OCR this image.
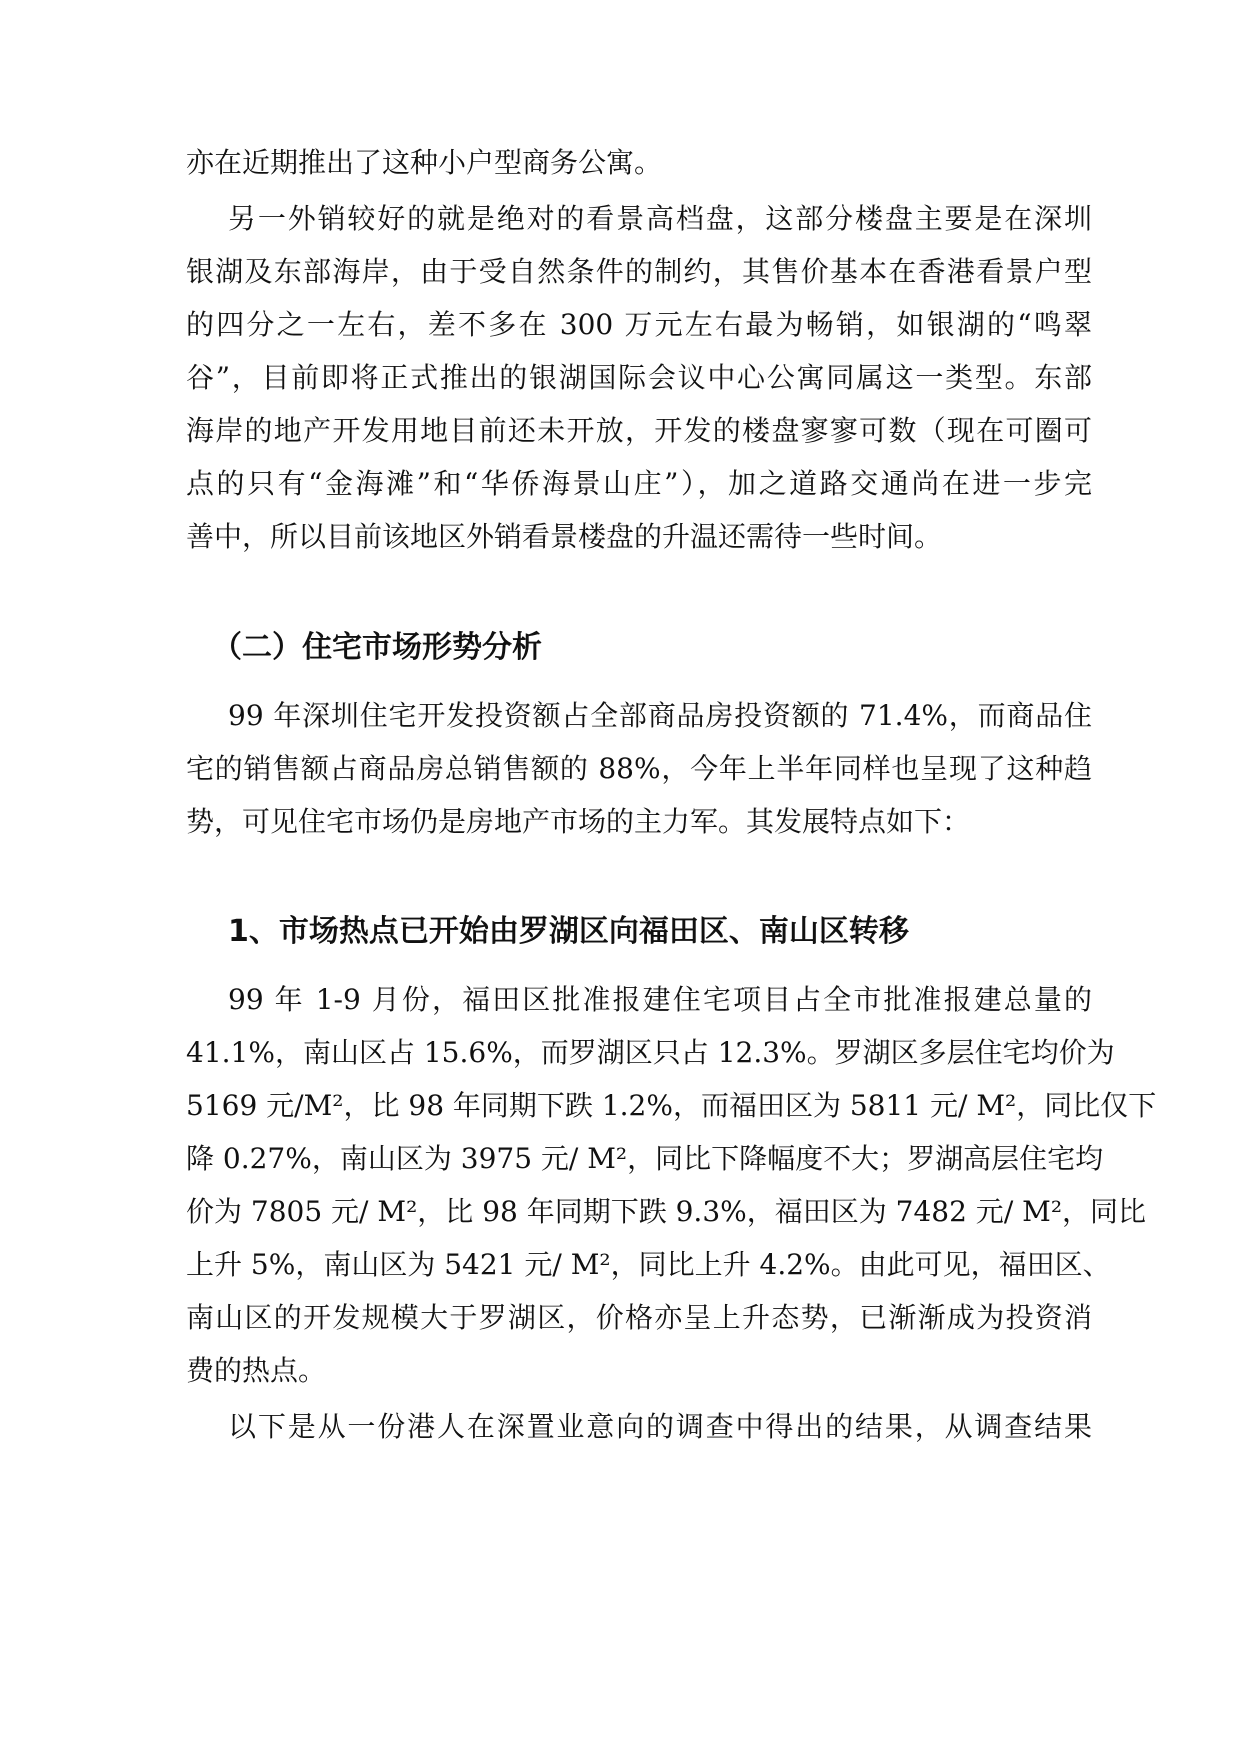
亦在近期推出了这种小户型商务公寓。
另一外销较好的就是绝对的看景高档盘，这部分楼盘主要是在深圳
银湖及东部海岸，由于受自然条件的制约，其售价基本在香港看景户型
的四分之一左右，差不多在 300 万元左右最为畅销，如银湖的“鸣翠
谷”，目前即将正式推出的银湖国际会议中心公寓同属这一类型。东部
海岸的地产开发用地目前还未开放，开发的楼盘寥寥可数（现在可圈可
点的只有“金海滩”和“华侨海景山庄”），加之道路交通尚在进一步完
善中，所以目前该地区外销看景楼盘的升温还需待一些时间。
（二）住宅市场形势分析
99 年深圳住宅开发投资额占全部商品房投资额的 71.4%，而商品住
宅的销售额占商品房总销售额的 88%，今年上半年同样也呈现了这种趋
势，可见住宅市场仍是房地产市场的主力军。其发展特点如下：
1、市场热点已开始由罗湖区向福田区、南山区转移
99 年 1-9 月份，福田区批准报建住宅项目占全市批准报建总量的
41.1%，南山区占 15.6%，而罗湖区只占 12.3%。罗湖区多层住宅均价为
5169 元/M²，比 98 年同期下跌 1.2%，而福田区为 5811 元/ M²，同比仅下
降 0.27%，南山区为 3975 元/ M²，同比下降幅度不大；罗湖高层住宅均
价为 7805 元/ M²，比 98 年同期下跌 9.3%，福田区为 7482 元/ M²，同比
上升 5%，南山区为 5421 元/ M²，同比上升 4.2%。由此可见，福田区、
南山区的开发规模大于罗湖区，价格亦呈上升态势，已渐渐成为投资消
费的热点。
以下是从一份港人在深置业意向的调查中得出的结果，从调查结果
